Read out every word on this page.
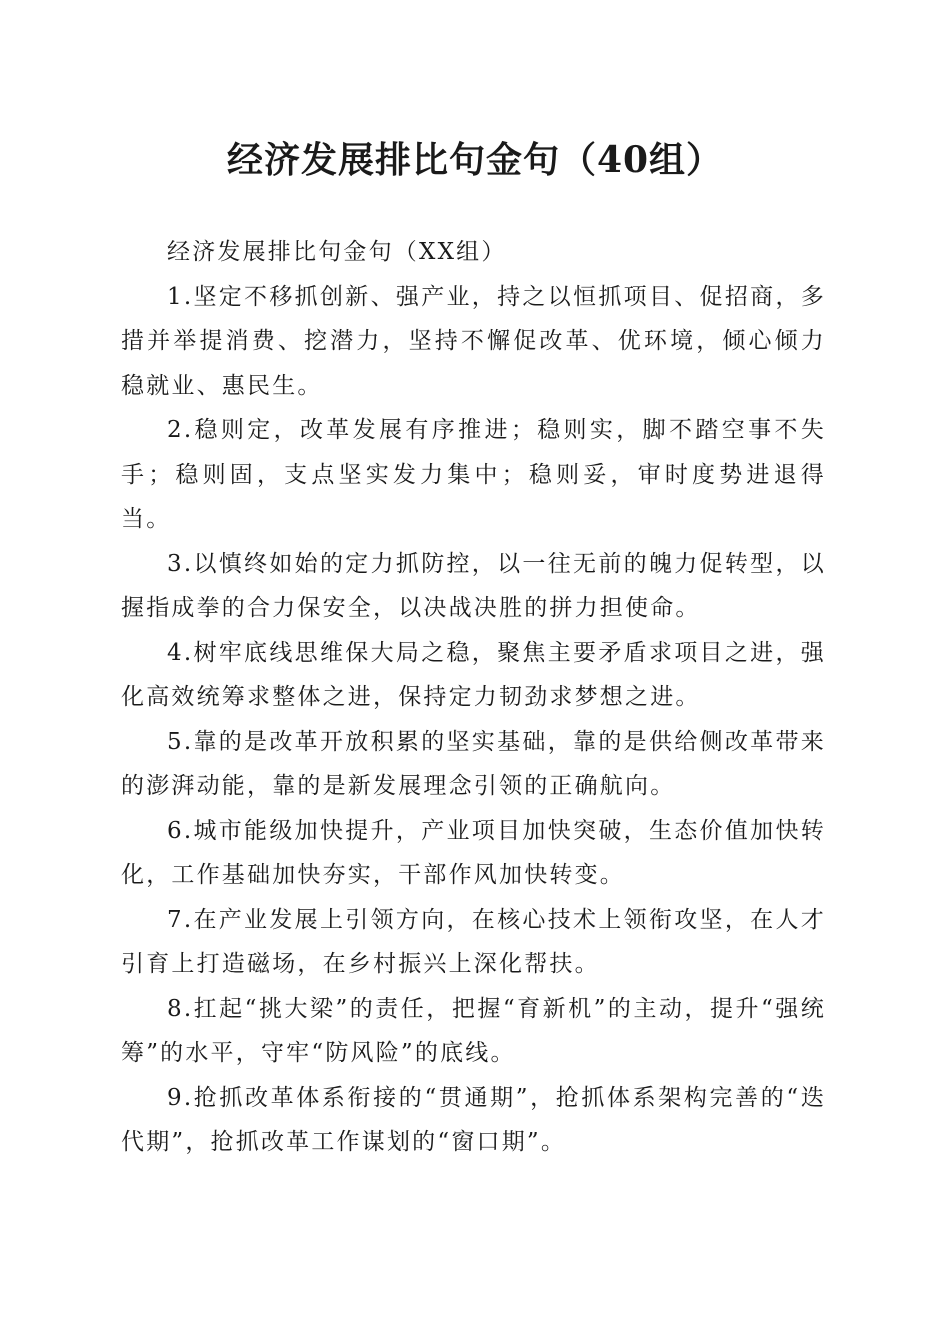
经济发展排比句金句（40组）

经济发展排比句金句（XX组）

1.坚定不移抓创新、强产业，持之以恒抓项目、促招商，多措并举提消费、挖潜力，坚持不懈促改革、优环境，倾心倾力稳就业、惠民生。

2.稳则定，改革发展有序推进；稳则实，脚不踏空事不失手；稳则固，支点坚实发力集中；稳则妥，审时度势进退得当。

3.以慎终如始的定力抓防控，以一往无前的魄力促转型，以握指成拳的合力保安全，以决战决胜的拼力担使命。

4.树牢底线思维保大局之稳，聚焦主要矛盾求项目之进，强化高效统筹求整体之进，保持定力韧劲求梦想之进。

5.靠的是改革开放积累的坚实基础，靠的是供给侧改革带来的澎湃动能，靠的是新发展理念引领的正确航向。

6.城市能级加快提升，产业项目加快突破，生态价值加快转化，工作基础加快夯实，干部作风加快转变。

7.在产业发展上引领方向，在核心技术上领衔攻坚，在人才引育上打造磁场，在乡村振兴上深化帮扶。

8.扛起“挑大梁”的责任，把握“育新机”的主动，提升“强统筹”的水平，守牢“防风险”的底线。

9.抢抓改革体系衔接的“贯通期”，抢抓体系架构完善的“迭代期”，抢抓改革工作谋划的“窗口期”。
